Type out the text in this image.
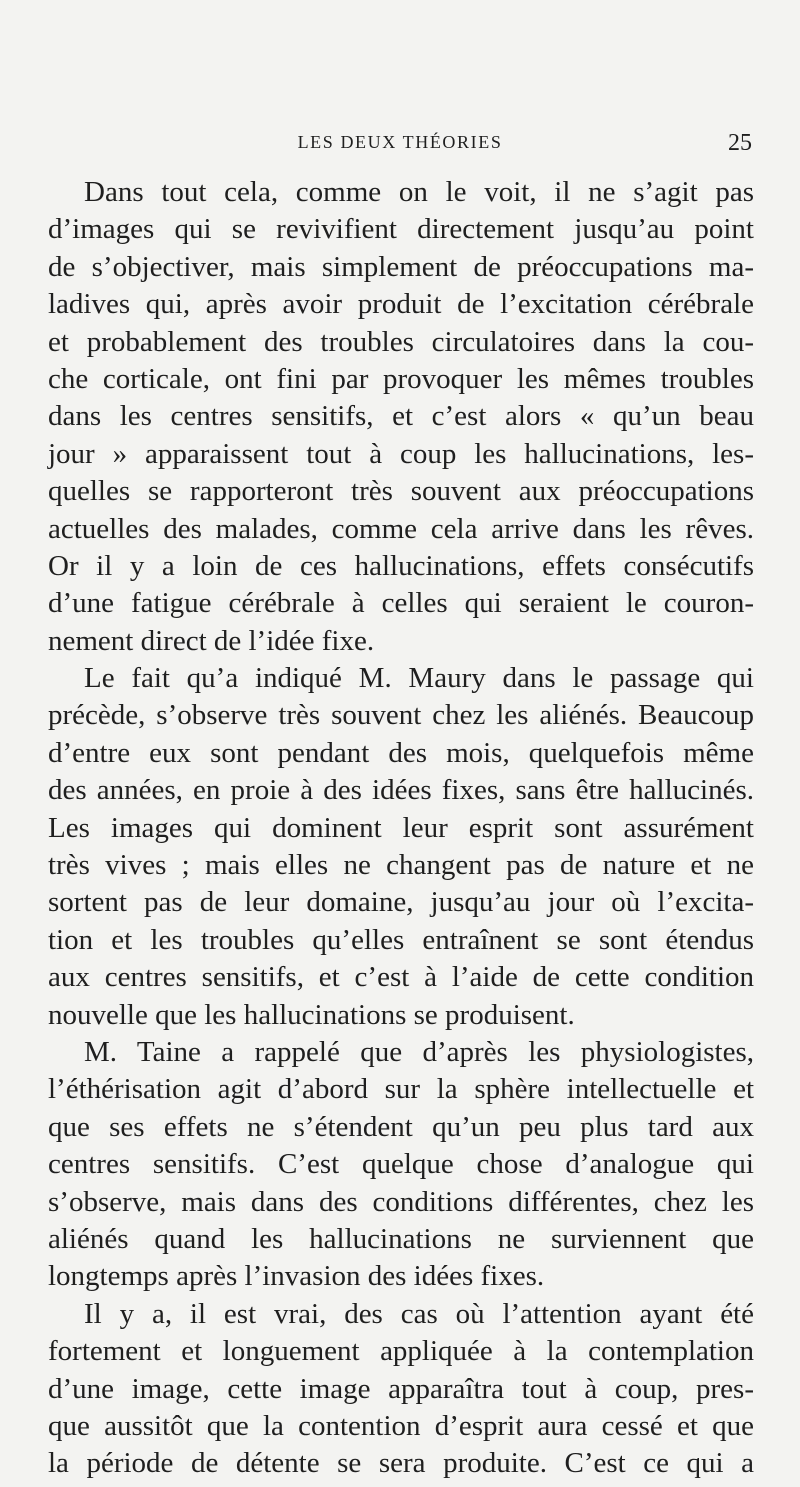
LES DEUX THÉORIES	25
Dans tout cela, comme on le voit, il ne s’agit pas
d’images qui se revivifient directement jusqu’au point
de s’objectiver, mais simplement de préoccupations ma-
ladives qui, après avoir produit de l’excitation cérébrale
et probablement des troubles circulatoires dans la cou-
che corticale, ont fini par provoquer les mêmes troubles
dans les centres sensitifs, et c’est alors « qu’un beau
jour » apparaissent tout à coup les hallucinations, les-
quelles se rapporteront très souvent aux préoccupations
actuelles des malades, comme cela arrive dans les rêves.
Or il y a loin de ces hallucinations, effets consécutifs
d’une fatigue cérébrale à celles qui seraient le couron-
nement direct de l’idée fixe.
Le fait qu’a indiqué M. Maury dans le passage qui
précède, s’observe très souvent chez les aliénés. Beaucoup
d’entre eux sont pendant des mois, quelquefois même
des années, en proie à des idées fixes, sans être hallucinés.
Les images qui dominent leur esprit sont assurément
très vives ; mais elles ne changent pas de nature et ne
sortent pas de leur domaine, jusqu’au jour où l’excita-
tion et les troubles qu’elles entraînent se sont étendus
aux centres sensitifs, et c’est à l’aide de cette condition
nouvelle que les hallucinations se produisent.
M. Taine a rappelé que d’après les physiologistes,
l’éthérisation agit d’abord sur la sphère intellectuelle et
que ses effets ne s’étendent qu’un peu plus tard aux
centres sensitifs. C’est quelque chose d’analogue qui
s’observe, mais dans des conditions différentes, chez les
aliénés quand les hallucinations ne surviennent que
longtemps après l’invasion des idées fixes.
Il y a, il est vrai, des cas où l’attention ayant été
fortement et longuement appliquée à la contemplation
d’une image, cette image apparaîtra tout à coup, pres-
que aussitôt que la contention d’esprit aura cessé et que
la période de détente se sera produite. C’est ce qui a
